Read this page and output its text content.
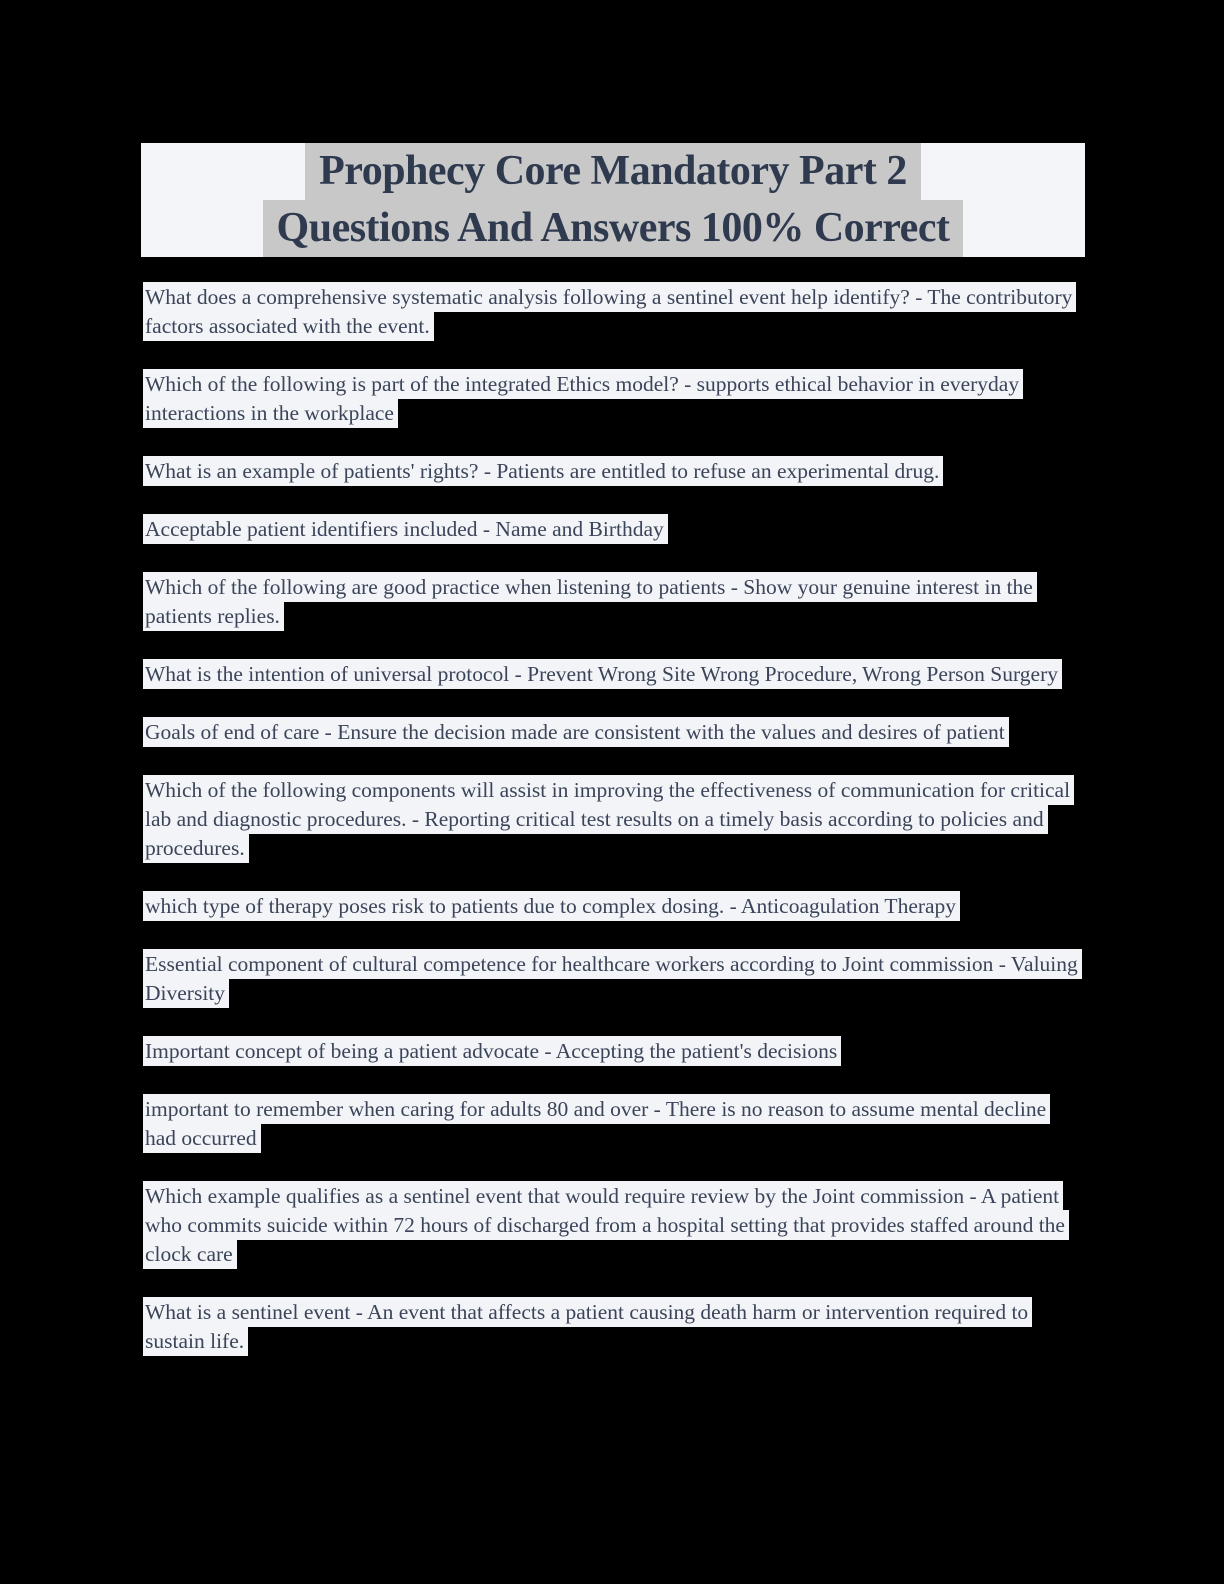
Prophecy Core Mandatory Part 2
Questions And Answers 100% Correct

What does a comprehensive systematic analysis following a sentinel event help identify? - The contributory factors associated with the event.

Which of the following is part of the integrated Ethics model? - supports ethical behavior in everyday interactions in the workplace

What is an example of patients' rights? - Patients are entitled to refuse an experimental drug.

Acceptable patient identifiers included - Name and Birthday

Which of the following are good practice when listening to patients - Show your genuine interest in the patients replies.

What is the intention of universal protocol - Prevent Wrong Site Wrong Procedure, Wrong Person Surgery

Goals of end of care - Ensure the decision made are consistent with the values and desires of patient

Which of the following components will assist in improving the effectiveness of communication for critical lab and diagnostic procedures. - Reporting critical test results on a timely basis according to policies and procedures.

which type of therapy poses risk to patients due to complex dosing. - Anticoagulation Therapy

Essential component of cultural competence for healthcare workers according to Joint commission - Valuing Diversity

Important concept of being a patient advocate - Accepting the patient's decisions

important to remember when caring for adults 80 and over - There is no reason to assume mental decline had occurred

Which example qualifies as a sentinel event that would require review by the Joint commission - A patient who commits suicide within 72 hours of discharged from a hospital setting that provides staffed around the clock care

What is a sentinel event - An event that affects a patient causing death harm or intervention required to sustain life.
